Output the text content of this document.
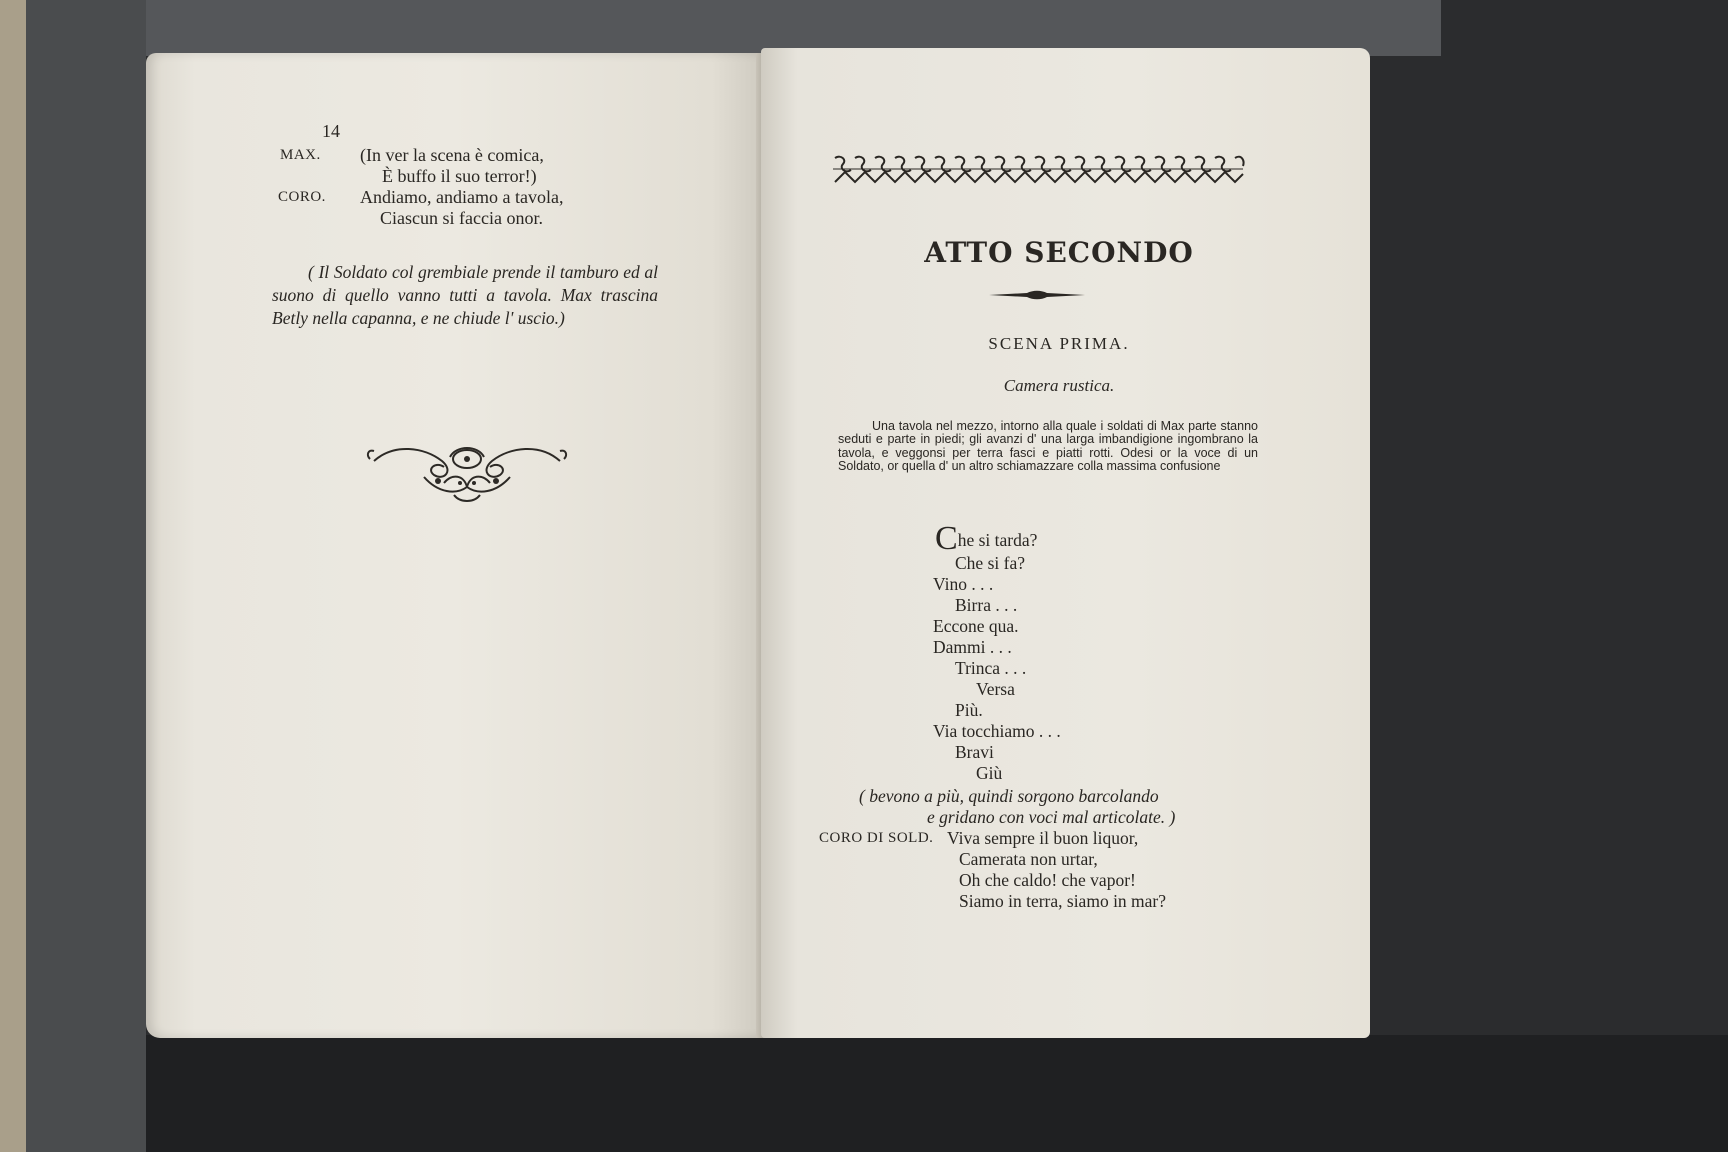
14
MAX. (In ver la scena è comica,
È buffo il suo terror!)
CORO. Andiamo, andiamo a tavola,
Ciascun si faccia onor.
( Il Soldato col grembiale prende il tamburo ed al suono di quello vanno tutti a tavola. Max trascina Betly nella capanna, e ne chiude l' uscio.)
ATTO SECONDO
SCENA PRIMA.
Camera rustica.
Una tavola nel mezzo, intorno alla quale i soldati di Max parte stanno seduti e parte in piedi; gli avanzi d' una larga imbandigione ingombrano la tavola, e veggonsi per terra fasci e piatti rotti. Odesi or la voce di un Soldato, or quella d' un altro schiamazzare colla massima confusione
Che si tarda?
Che si fa?
Vino . . .
Birra . . .
Eccone qua.
Dammi . . .
Trinca . . .
Versa
Più.
Via tocchiamo . . .
Bravi
Giù
( bevono a più, quindi sorgono barcolando
e gridano con voci mal articolate. )
CORO DI SOLD. Viva sempre il buon liquor,
Camerata non urtar,
Oh che caldo! che vapor!
Siamo in terra, siamo in mar?
